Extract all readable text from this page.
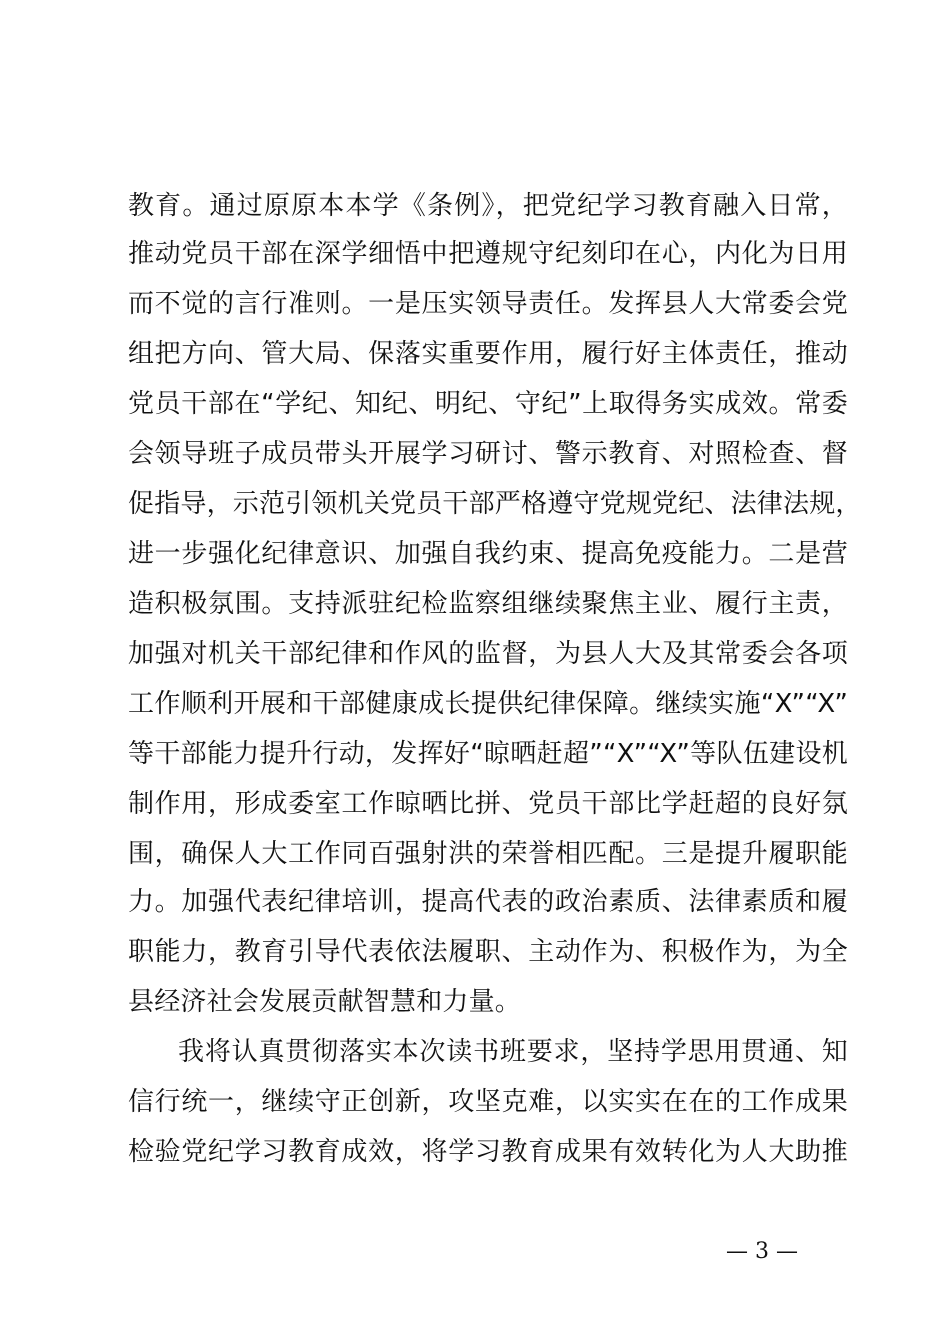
教育。通过原原本本学《条例》，把党纪学习教育融入日常，
推动党员干部在深学细悟中把遵规守纪刻印在心，内化为日用
而不觉的言行准则。一是压实领导责任。发挥县人大常委会党
组把方向、管大局、保落实重要作用，履行好主体责任，推动
党员干部在“学纪、知纪、明纪、守纪”上取得务实成效。常委
会领导班子成员带头开展学习研讨、警示教育、对照检查、督
促指导，示范引领机关党员干部严格遵守党规党纪、法律法规，
进一步强化纪律意识、加强自我约束、提高免疫能力。二是营
造积极氛围。支持派驻纪检监察组继续聚焦主业、履行主责，
加强对机关干部纪律和作风的监督，为县人大及其常委会各项
工作顺利开展和干部健康成长提供纪律保障。继续实施“X”“X”
等干部能力提升行动，发挥好“晾晒赶超”“X”“X”等队伍建设机
制作用，形成委室工作晾晒比拼、党员干部比学赶超的良好氛
围，确保人大工作同百强射洪的荣誉相匹配。三是提升履职能
力。加强代表纪律培训，提高代表的政治素质、法律素质和履
职能力，教育引导代表依法履职、主动作为、积极作为，为全
县经济社会发展贡献智慧和力量。
我将认真贯彻落实本次读书班要求，坚持学思用贯通、知
信行统一，继续守正创新，攻坚克难，以实实在在的工作成果
检验党纪学习教育成效，将学习教育成果有效转化为人大助推
— 3 —
